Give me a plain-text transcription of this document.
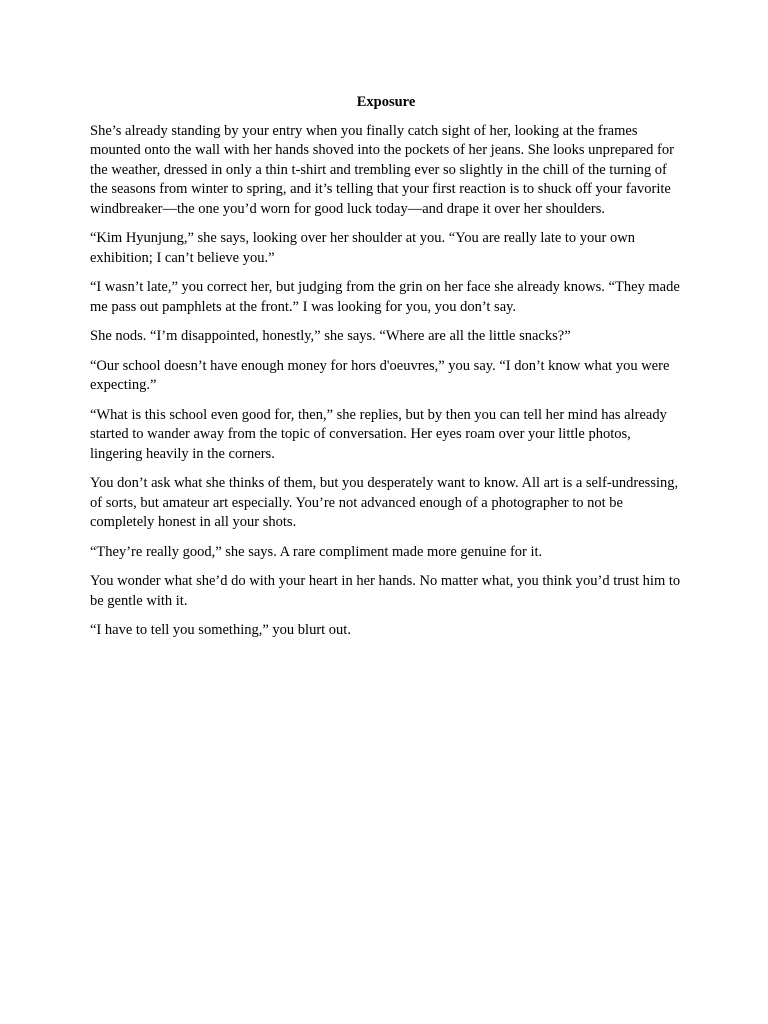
Exposure

She’s already standing by your entry when you finally catch sight of her, looking at the frames mounted onto the wall with her hands shoved into the pockets of her jeans. She looks unprepared for the weather, dressed in only a thin t-shirt and trembling ever so slightly in the chill of the turning of the seasons from winter to spring, and it’s telling that your first reaction is to shuck off your favorite windbreaker—the one you’d worn for good luck today—and drape it over her shoulders.

“Kim Hyunjung,” she says, looking over her shoulder at you. “You are really late to your own exhibition; I can’t believe you.”

“I wasn’t late,” you correct her, but judging from the grin on her face she already knows. “They made me pass out pamphlets at the front.” I was looking for you, you don’t say.

She nods. “I’m disappointed, honestly,” she says. “Where are all the little snacks?”

“Our school doesn’t have enough money for hors d'oeuvres,” you say. “I don’t know what you were expecting.”

“What is this school even good for, then,” she replies, but by then you can tell her mind has already started to wander away from the topic of conversation. Her eyes roam over your little photos, lingering heavily in the corners.

You don’t ask what she thinks of them, but you desperately want to know. All art is a self-undressing, of sorts, but amateur art especially. You’re not advanced enough of a photographer to not be completely honest in all your shots.

“They’re really good,” she says. A rare compliment made more genuine for it.

You wonder what she’d do with your heart in her hands. No matter what, you think you’d trust him to be gentle with it.

“I have to tell you something,” you blurt out.
